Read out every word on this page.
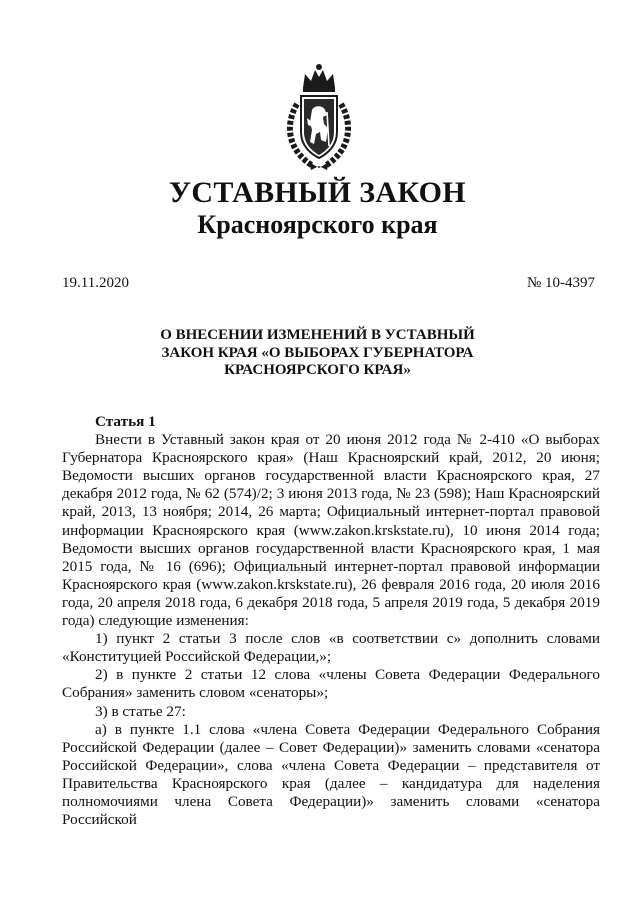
УСТАВНЫЙ ЗАКОН
Красноярского края
19.11.2020	№ 10-4397
О ВНЕСЕНИИ ИЗМЕНЕНИЙ В УСТАВНЫЙ
ЗАКОН КРАЯ «О ВЫБОРАХ ГУБЕРНАТОРА
КРАСНОЯРСКОГО КРАЯ»
Статья 1

Внести в Уставный закон края от 20 июня 2012 года № 2-410 «О выборах Губернатора Красноярского края» (Наш Красноярский край, 2012, 20 июня; Ведомости высших органов государственной власти Красноярского края, 27 декабря 2012 года, № 62 (574)/2; 3 июня 2013 года, № 23 (598); Наш Красноярский край, 2013, 13 ноября; 2014, 26 марта; Официальный интернет-портал правовой информации Красноярского края (www.zakon.krskstate.ru), 10 июня 2014 года; Ведомости высших органов государственной власти Красноярского края, 1 мая 2015 года, № 16 (696); Официальный интернет-портал правовой информации Красноярского края (www.zakon.krskstate.ru), 26 февраля 2016 года, 20 июля 2016 года, 20 апреля 2018 года, 6 декабря 2018 года, 5 апреля 2019 года, 5 декабря 2019 года) следующие изменения:

1) пункт 2 статьи 3 после слов «в соответствии с» дополнить словами «Конституцией Российской Федерации,»;

2) в пункте 2 статьи 12 слова «члены Совета Федерации Федерального Собрания» заменить словом «сенаторы»;

3) в статье 27:

а) в пункте 1.1 слова «члена Совета Федерации Федерального Собрания Российской Федерации (далее – Совет Федерации)» заменить словами «сенатора Российской Федерации», слова «члена Совета Федерации – представителя от Правительства Красноярского края (далее – кандидатура для наделения полномочиями члена Совета Федерации)» заменить словами «сенатора Российской
